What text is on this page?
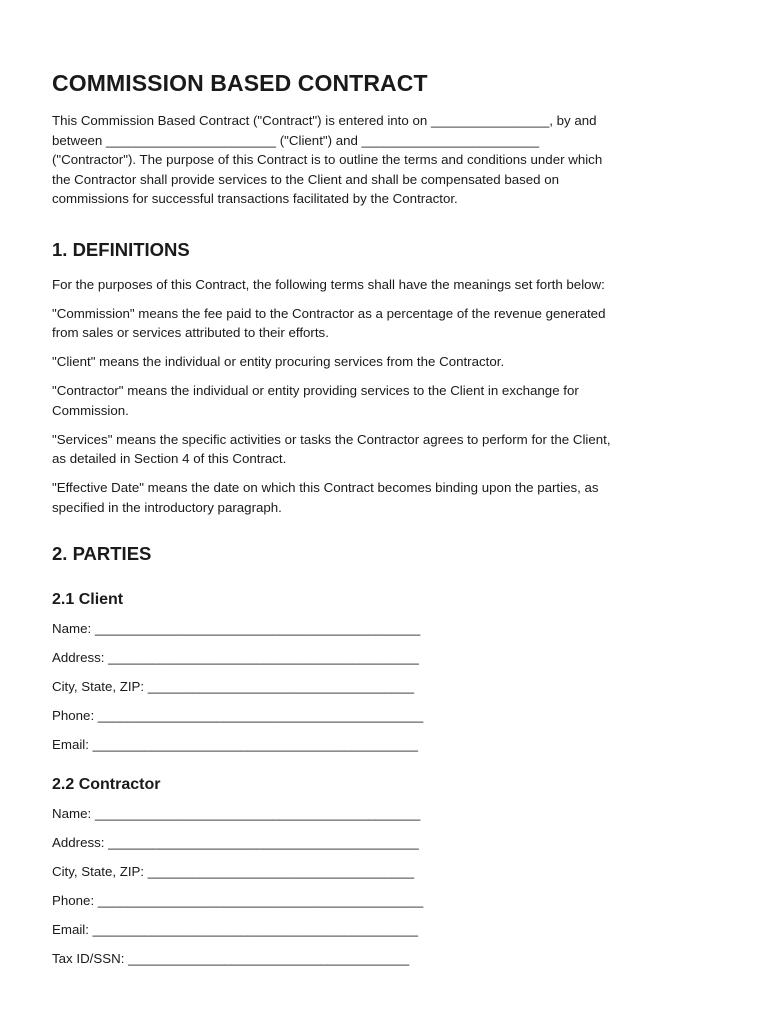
COMMISSION BASED CONTRACT

This Commission Based Contract ("Contract") is entered into on ________________, by and
between _______________________ ("Client") and ________________________
("Contractor"). The purpose of this Contract is to outline the terms and conditions under which
the Contractor shall provide services to the Client and shall be compensated based on
commissions for successful transactions facilitated by the Contractor.

1. DEFINITIONS

For the purposes of this Contract, the following terms shall have the meanings set forth below:

"Commission" means the fee paid to the Contractor as a percentage of the revenue generated
from sales or services attributed to their efforts.

"Client" means the individual or entity procuring services from the Contractor.

"Contractor" means the individual or entity providing services to the Client in exchange for
Commission.

"Services" means the specific activities or tasks the Contractor agrees to perform for the Client,
as detailed in Section 4 of this Contract.

"Effective Date" means the date on which this Contract becomes binding upon the parties, as
specified in the introductory paragraph.

2. PARTIES
2.1 Client
Name: ____________________________________________
Address: __________________________________________
City, State, ZIP: ____________________________________
Phone: ____________________________________________
Email: ____________________________________________
2.2 Contractor
Name: ____________________________________________
Address: __________________________________________
City, State, ZIP: ____________________________________
Phone: ____________________________________________
Email: ____________________________________________
Tax ID/SSN: ______________________________________
